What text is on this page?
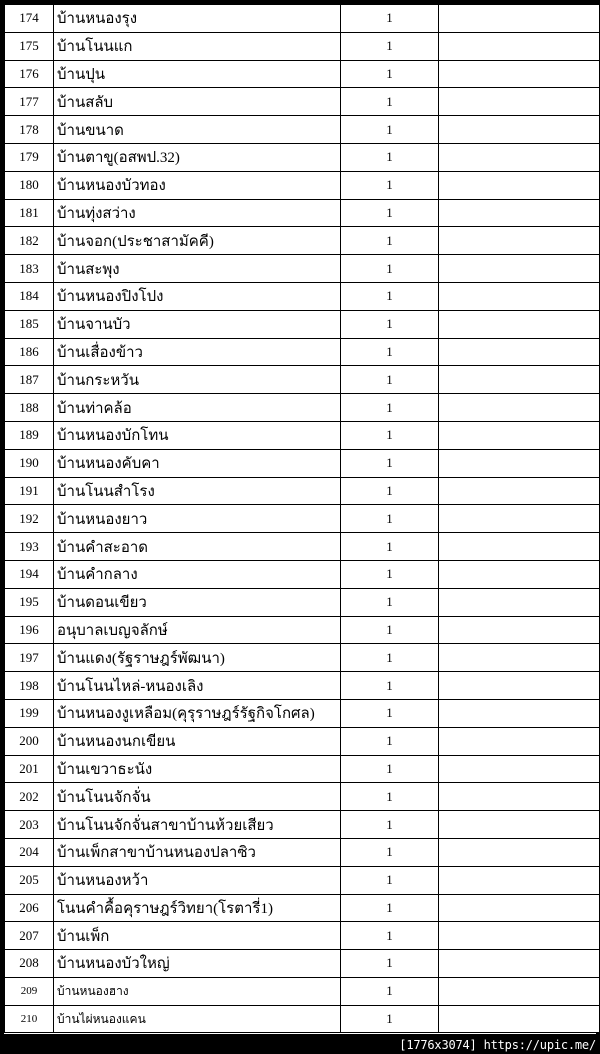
174	บ้านหนองรุง	1	
175	บ้านโนนแก	1	
176	บ้านปุน	1	
177	บ้านสลับ	1	
178	บ้านขนาด	1	
179	บ้านตาขู(อสพป.32)	1	
180	บ้านหนองบัวทอง	1	
181	บ้านทุ่งสว่าง	1	
182	บ้านจอก(ประชาสามัคคี)	1	
183	บ้านสะพุง	1	
184	บ้านหนองปิงโปง	1	
185	บ้านจานบัว	1	
186	บ้านเสื่องข้าว	1	
187	บ้านกระหวัน	1	
188	บ้านท่าคล้อ	1	
189	บ้านหนองบักโทน	1	
190	บ้านหนองคับคา	1	
191	บ้านโนนสำโรง	1	
192	บ้านหนองยาว	1	
193	บ้านคำสะอาด	1	
194	บ้านคำกลาง	1	
195	บ้านดอนเขียว	1	
196	อนุบาลเบญจลักษ์	1	
197	บ้านแดง(รัฐราษฎร์พัฒนา)	1	
198	บ้านโนนไหล่-หนองเลิง	1	
199	บ้านหนองงูเหลือม(คุรุราษฎร์รัฐกิจโกศล)	1	
200	บ้านหนองนกเขียน	1	
201	บ้านเขวาธะนัง	1	
202	บ้านโนนจักจั่น	1	
203	บ้านโนนจักจั่นสาขาบ้านห้วยเสียว	1	
204	บ้านเพ็กสาขาบ้านหนองปลาซิว	1	
205	บ้านหนองหว้า	1	
206	โนนคำคื้อคุราษฎร์วิทยา(โรตารี่1)	1	
207	บ้านเพ็ก	1	
208	บ้านหนองบัวใหญ่	1	
209	บ้านหนองฮาง	1	
210	บ้านไผ่หนองแคน	1	
[1776x3074] https://upic.me/
